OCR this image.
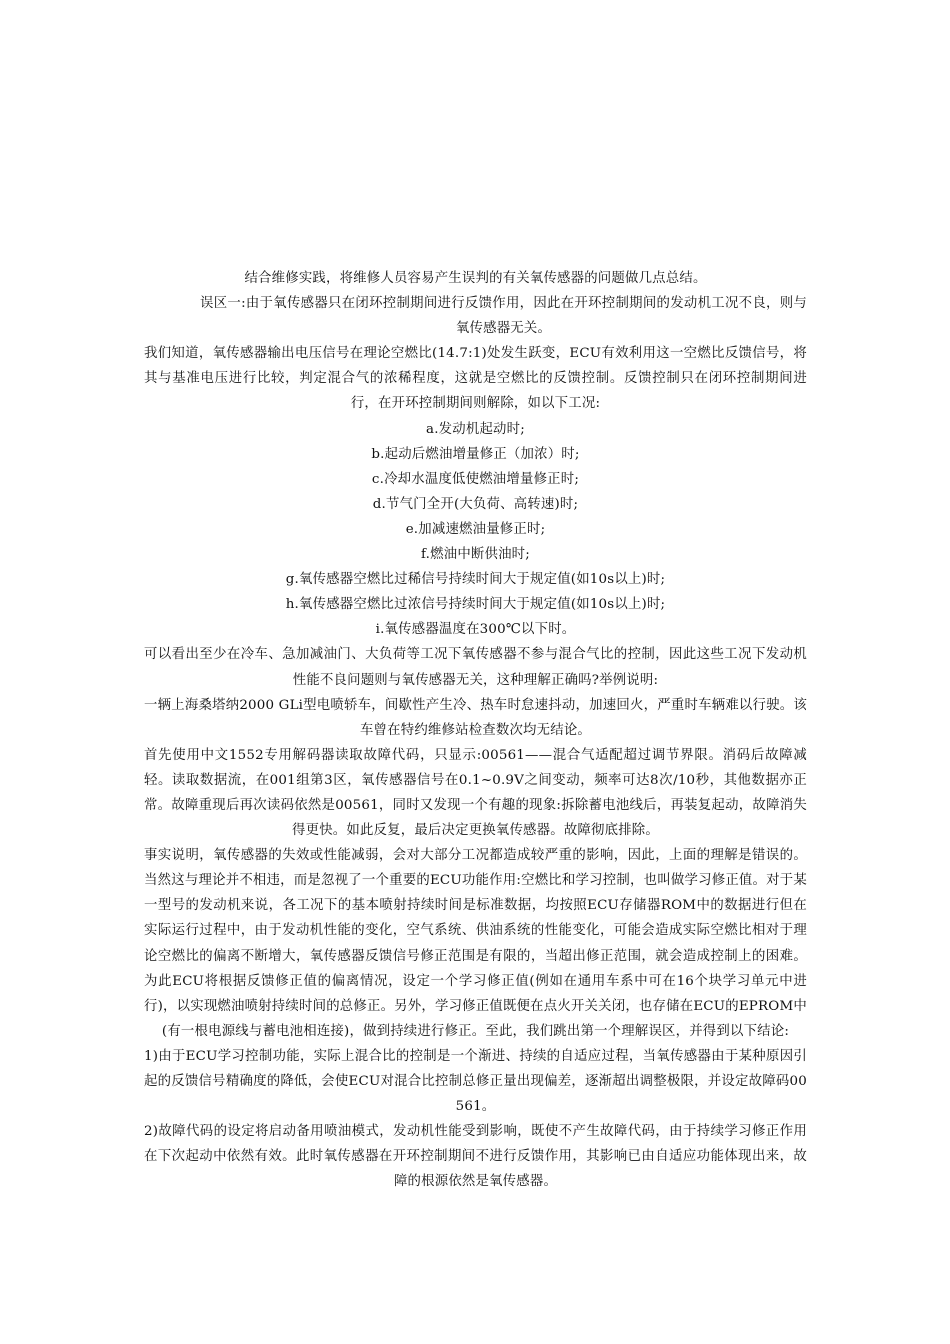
结合维修实践，将维修人员容易产生误判的有关氧传感器的问题做几点总结。

误区一:由于氧传感器只在闭环控制期间进行反馈作用，因此在开环控制期间的发动机工况不良，则与氧传感器无关。

我们知道，氧传感器输出电压信号在理论空燃比(14.7:1)处发生跃变，ECU有效利用这一空燃比反馈信号，将其与基准电压进行比较，判定混合气的浓稀程度，这就是空燃比的反馈控制。反馈控制只在闭环控制期间进行，在开环控制期间则解除，如以下工况:

a.发动机起动时;

b.起动后燃油增量修正（加浓）时;

c.冷却水温度低使燃油增量修正时;

d.节气门全开(大负荷、高转速)时;

e.加减速燃油量修正时;

f.燃油中断供油时;

g.氧传感器空燃比过稀信号持续时间大于规定值(如10s以上)时;

h.氧传感器空燃比过浓信号持续时间大于规定值(如10s以上)时;

i.氧传感器温度在300℃以下时。

可以看出至少在冷车、急加减油门、大负荷等工况下氧传感器不参与混合气比的控制，因此这些工况下发动机性能不良问题则与氧传感器无关，这种理解正确吗?举例说明:

一辆上海桑塔纳2000 GLi型电喷轿车，间歇性产生冷、热车时怠速抖动，加速回火，严重时车辆难以行驶。该车曾在特约维修站检查数次均无结论。

首先使用中文1552专用解码器读取故障代码，只显示:00561——混合气适配超过调节界限。消码后故障减轻。读取数据流，在001组第3区，氧传感器信号在0.1~0.9V之间变动，频率可达8次/10秒，其他数据亦正常。故障重现后再次读码依然是00561，同时又发现一个有趣的现象:拆除蓄电池线后，再装复起动，故障消失得更快。如此反复，最后决定更换氧传感器。故障彻底排除。

事实说明，氧传感器的失效或性能减弱，会对大部分工况都造成较严重的影响，因此，上面的理解是错误的。当然这与理论并不相违，而是忽视了一个重要的ECU功能作用:空燃比和学习控制，也叫做学习修正值。对于某一型号的发动机来说，各工况下的基本喷射持续时间是标准数据，均按照ECU存储器ROM中的数据进行但在实际运行过程中，由于发动机性能的变化，空气系统、供油系统的性能变化，可能会造成实际空燃比相对于理论空燃比的偏离不断增大，氧传感器反馈信号修正范围是有限的，当超出修正范围，就会造成控制上的困难。为此ECU将根据反馈修正值的偏离情况，设定一个学习修正值(例如在通用车系中可在16个块学习单元中进行)，以实现燃油喷射持续时间的总修正。另外，学习修正值既便在点火开关关闭，也存储在ECU的EPROM中(有一根电源线与蓄电池相连接)，做到持续进行修正。至此，我们跳出第一个理解误区，并得到以下结论:

1)由于ECU学习控制功能，实际上混合比的控制是一个渐进、持续的自适应过程，当氧传感器由于某种原因引起的反馈信号精确度的降低，会使ECU对混合比控制总修正量出现偏差，逐渐超出调整极限，并设定故障码00561。

2)故障代码的设定将启动备用喷油模式，发动机性能受到影响，既使不产生故障代码，由于持续学习修正作用在下次起动中依然有效。此时氧传感器在开环控制期间不进行反馈作用，其影响已由自适应功能体现出来，故障的根源依然是氧传感器。
